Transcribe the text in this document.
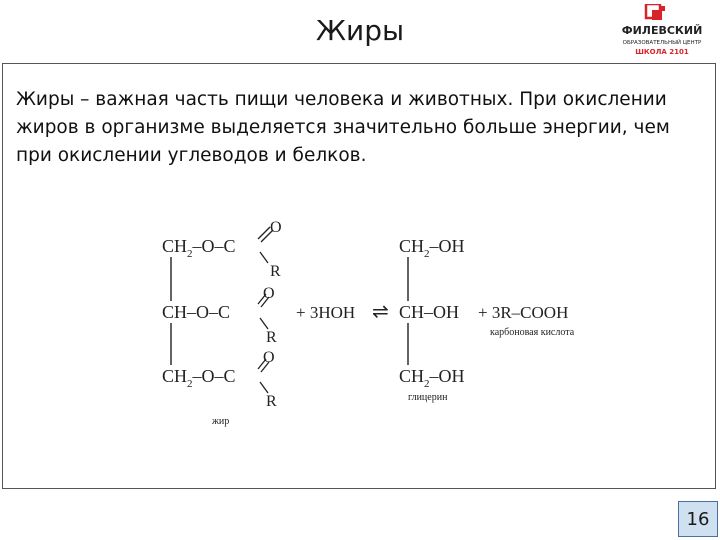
Жиры	ФИЛЕВСКИЙ
ОБРАЗОВАТЕЛЬНЫЙ ЦЕНТР
ШКОЛА 2101
Жиры – важная часть пищи человека и животных. При окислении жиров в организме выделяется значительно больше энергии, чем при окислении углеводов и белков.
$CH_2-O-C$
CH–O–C
$CH_2-O-C$
O
R
O
R
O
R
жир
+ 3HOH ⇌
$CH_2-OH$
CH–OH
$CH_2-OH$
глицерин
+ 3R–COOH
карбоновая кислота
16
